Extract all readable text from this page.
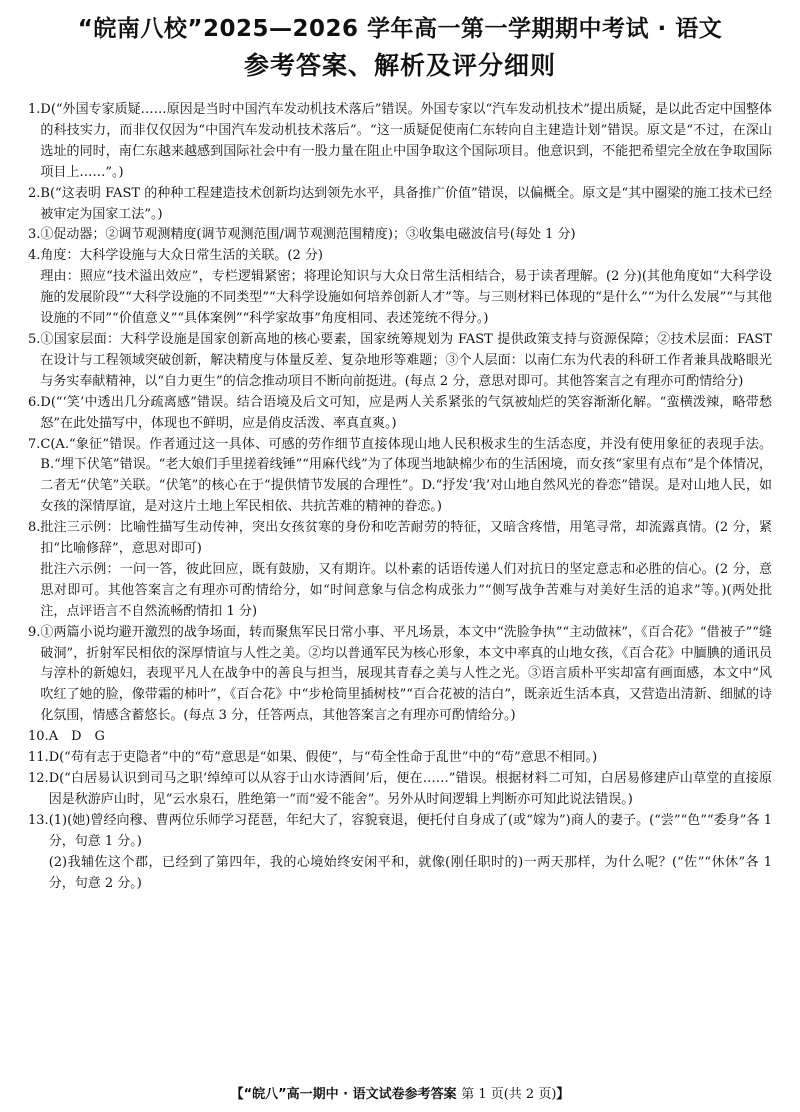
“皖南八校”2025—2026 学年高一第一学期期中考试 · 语文
参考答案、解析及评分细则
1. D(“外国专家质疑……原因是当时中国汽车发动机技术落后”错误。外国专家以“汽车发动机技术”提出质疑，是以此否定中国整体的科技实力，而非仅仅因为“中国汽车发动机技术落后”。“这一质疑促使南仁东转向自主建造计划”错误。原文是“不过，在深山选址的同时，南仁东越来越感到国际社会中有一股力量在阻止中国争取这个国际项目。他意识到，不能把希望完全放在争取国际项目上……”。)

2. B(“这表明 FAST 的种种工程建造技术创新均达到领先水平，具备推广价值”错误，以偏概全。原文是“其中圈梁的施工技术已经被审定为国家工法”。)

3. ①促动器；②调节观测精度(调节观测范围/调节观测范围精度)；③收集电磁波信号(每处 1 分)

4. 角度：大科学设施与大众日常生活的关联。(2 分)

理由：照应“技术溢出效应”，专栏逻辑紧密；将理论知识与大众日常生活相结合，易于读者理解。(2 分)(其他角度如“大科学设施的发展阶段”“大科学设施的不同类型”“大科学设施如何培养创新人才”等。与三则材料已体现的“是什么”“为什么发展”“与其他设施的不同”“价值意义”“具体案例”“科学家故事”角度相同、表述笼统不得分。)

5. ①国家层面：大科学设施是国家创新高地的核心要素，国家统筹规划为 FAST 提供政策支持与资源保障；②技术层面：FAST 在设计与工程领域突破创新，解决精度与体量反差、复杂地形等难题；③个人层面：以南仁东为代表的科研工作者兼具战略眼光与务实奉献精神，以“自力更生”的信念推动项目不断向前挺进。(每点 2 分，意思对即可。其他答案言之有理亦可酌情给分)

6. D(“‘笑’中透出几分疏离感”错误。结合语境及后文可知，应是两人关系紧张的气氛被灿烂的笑容渐渐化解。“蛮横泼辣，略带愁怒”在此处描写中，体现也不鲜明，应是俏皮活泼、率真直爽。)

7. C(A.“象征”错误。作者通过这一具体、可感的劳作细节直接体现山地人民积极求生的生活态度，并没有使用象征的表现手法。B.“埋下伏笔”错误。“老大娘们手里搓着线锤”“用麻代线”为了体现当地缺棉少布的生活困境，而女孩“家里有点布”是个体情况，二者无“伏笔”关联。“伏笔”的核心在于“提供情节发展的合理性”。D.“抒发‘我’对山地自然风光的眷恋”错误。是对山地人民，如女孩的深情厚谊，是对这片土地上军民相依、共抗苦难的精神的眷恋。)

8. 批注三示例：比喻性描写生动传神，突出女孩贫寒的身份和吃苦耐劳的特征，又暗含疼惜，用笔寻常，却流露真情。(2 分，紧扣“比喻修辞”，意思对即可)

批注六示例：一问一答，彼此回应，既有鼓励，又有期许。以朴素的话语传递人们对抗日的坚定意志和必胜的信心。(2 分，意思对即可。其他答案言之有理亦可酌情给分，如“时间意象与信念构成张力”“侧写战争苦难与对美好生活的追求”等。)(两处批注，点评语言不自然流畅酌情扣 1 分)

9. ①两篇小说均避开激烈的战争场面，转而聚焦军民日常小事、平凡场景，本文中“洗脸争执”“主动做袜”，《百合花》“借被子”“缝破洞”，折射军民相依的深厚情谊与人性之美。②均以普通军民为核心形象，本文中率真的山地女孩，《百合花》中腼腆的通讯员与淳朴的新媳妇，表现平凡人在战争中的善良与担当，展现其青春之美与人性之光。③语言质朴平实却富有画面感，本文中“风吹红了她的脸，像带霜的柿叶”，《百合花》中“步枪筒里插树枝”“百合花被的洁白”，既亲近生活本真，又营造出清新、细腻的诗化氛围，情感含蓄悠长。(每点 3 分，任答两点，其他答案言之有理亦可酌情给分。)

10. A　D　G

11. D(“苟有志于吏隐者”中的“苟”意思是“如果、假使”，与“苟全性命于乱世”中的“苟”意思不相同。)

12. D(“白居易认识到司马之职‘绰绰可以从容于山水诗酒间’后，便在……”错误。根据材料二可知，白居易修建庐山草堂的直接原因是秋游庐山时，见“云水泉石，胜绝第一”而“爱不能舍”。另外从时间逻辑上判断亦可知此说法错误。)

13. (1)(她)曾经向穆、曹两位乐师学习琵琶，年纪大了，容貌衰退，便托付自身成了(或“嫁为”)商人的妻子。(“尝”“色”“委身”各 1 分，句意 1 分。)

(2)我辅佐这个郡，已经到了第四年，我的心境始终安闲平和，就像(刚任职时的)一两天那样，为什么呢？(“佐”“休休”各 1 分，句意 2 分。)

【“皖八”高一期中 · 语文试卷参考答案 第 1 页(共 2 页)】
